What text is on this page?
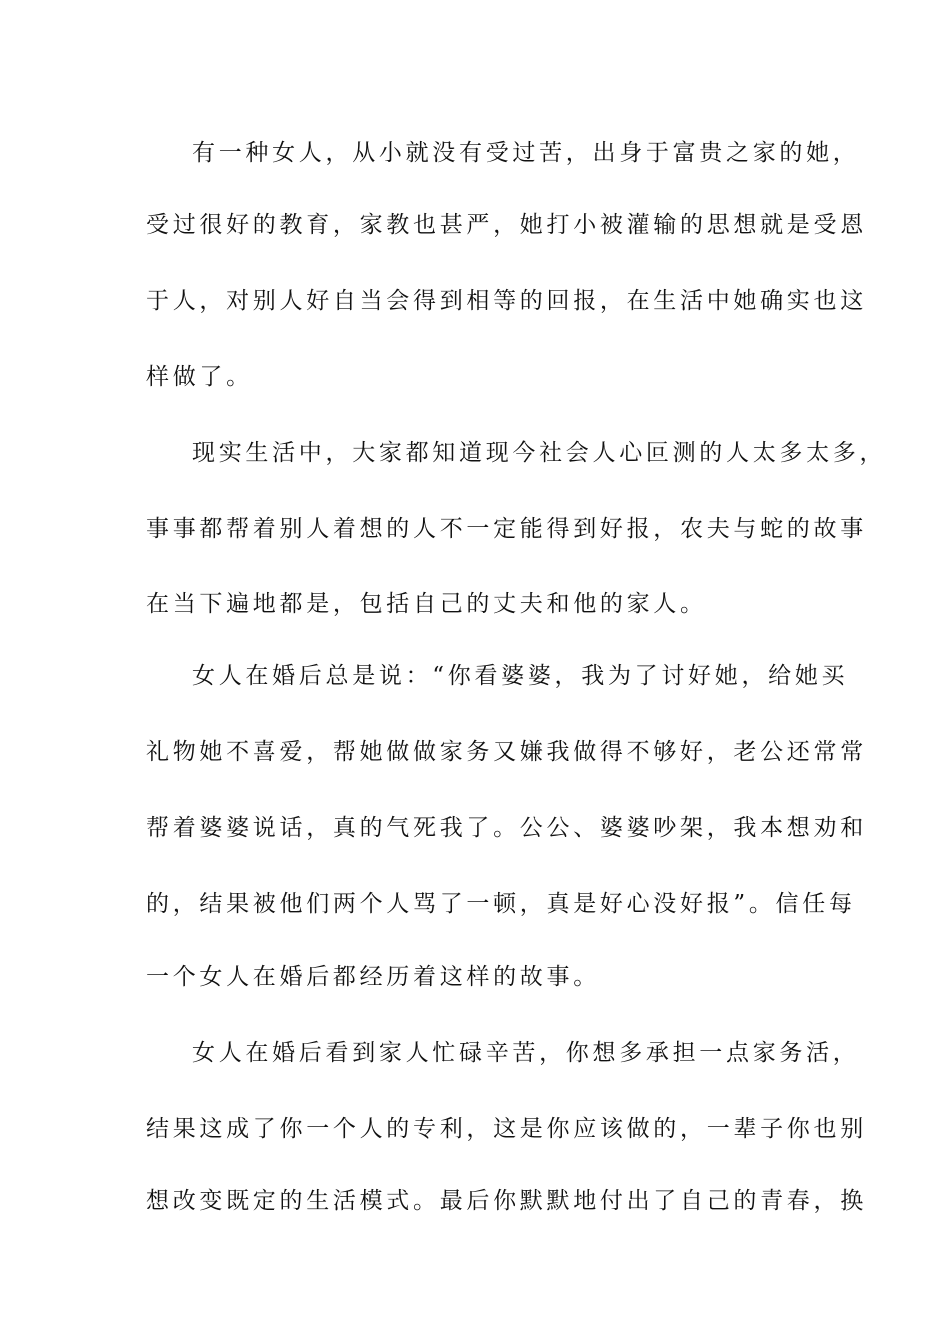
有一种女人，从小就没有受过苦，出身于富贵之家的她，
受过很好的教育，家教也甚严，她打小被灌输的思想就是受恩
于人，对别人好自当会得到相等的回报，在生活中她确实也这
样做了。
现实生活中，大家都知道现今社会人心叵测的人太多太多，
事事都帮着别人着想的人不一定能得到好报，农夫与蛇的故事
在当下遍地都是，包括自己的丈夫和他的家人。
女人在婚后总是说：“你看婆婆，我为了讨好她，给她买
礼物她不喜爱，帮她做做家务又嫌我做得不够好，老公还常常
帮着婆婆说话，真的气死我了。公公、婆婆吵架，我本想劝和
的，结果被他们两个人骂了一顿，真是好心没好报”。信任每
一个女人在婚后都经历着这样的故事。
女人在婚后看到家人忙碌辛苦，你想多承担一点家务活，
结果这成了你一个人的专利，这是你应该做的，一辈子你也别
想改变既定的生活模式。最后你默默地付出了自己的青春，换
